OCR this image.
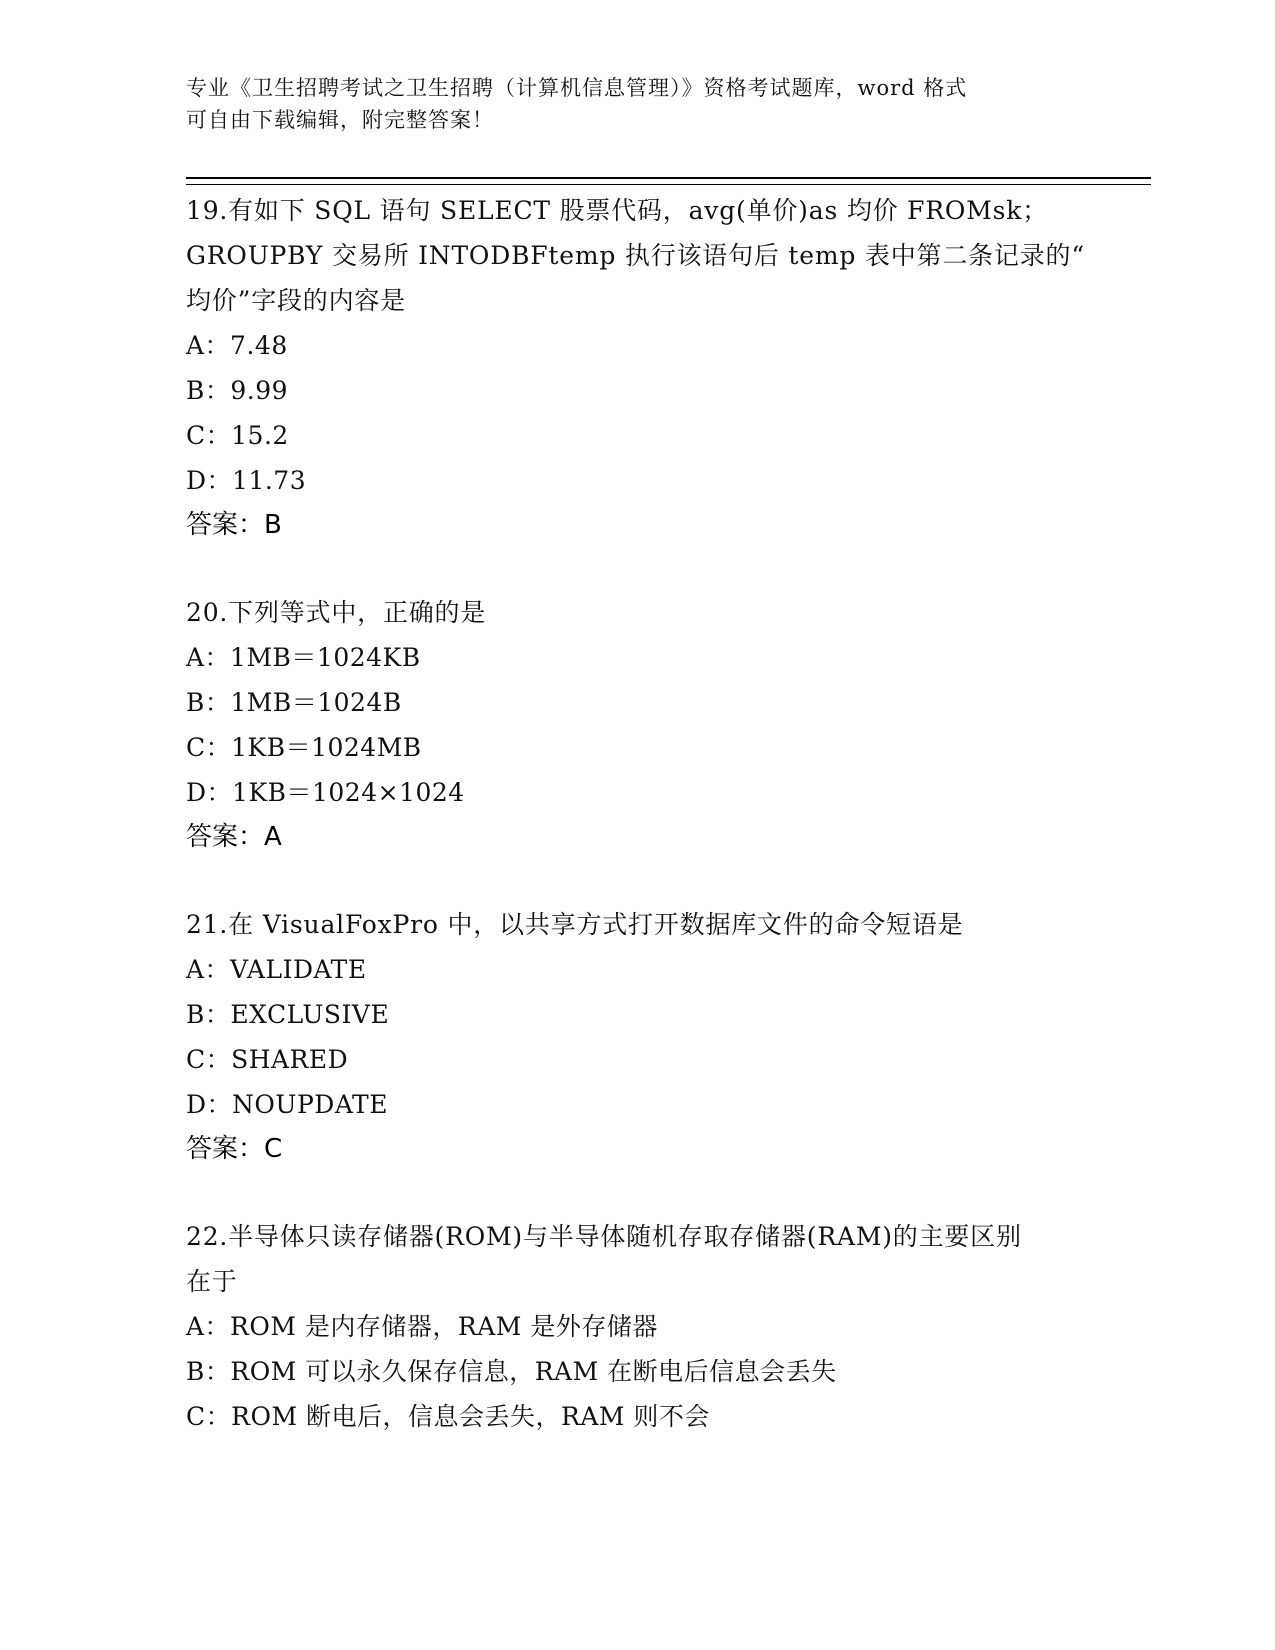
专业《卫生招聘考试之卫生招聘（计算机信息管理）》资格考试题库，word 格式
可自由下载编辑，附完整答案！
19.有如下 SQL 语句 SELECT 股票代码，avg(单价)as 均价 FROMsk；
GROUPBY 交易所 INTODBFtemp 执行该语句后 temp 表中第二条记录的“
均价”字段的内容是
A：7.48
B：9.99
C：15.2
D：11.73
答案：B
20.下列等式中，正确的是
A：1MB＝1024KB
B：1MB＝1024B
C：1KB＝1024MB
D：1KB＝1024×1024
答案：A
21.在 VisualFoxPro 中，以共享方式打开数据库文件的命令短语是
A：VALIDATE
B：EXCLUSIVE
C：SHARED
D：NOUPDATE
答案：C
22.半导体只读存储器(ROM)与半导体随机存取存储器(RAM)的主要区别
在于
A：ROM 是内存储器，RAM 是外存储器
B：ROM 可以永久保存信息，RAM 在断电后信息会丢失
C：ROM 断电后，信息会丢失，RAM 则不会
